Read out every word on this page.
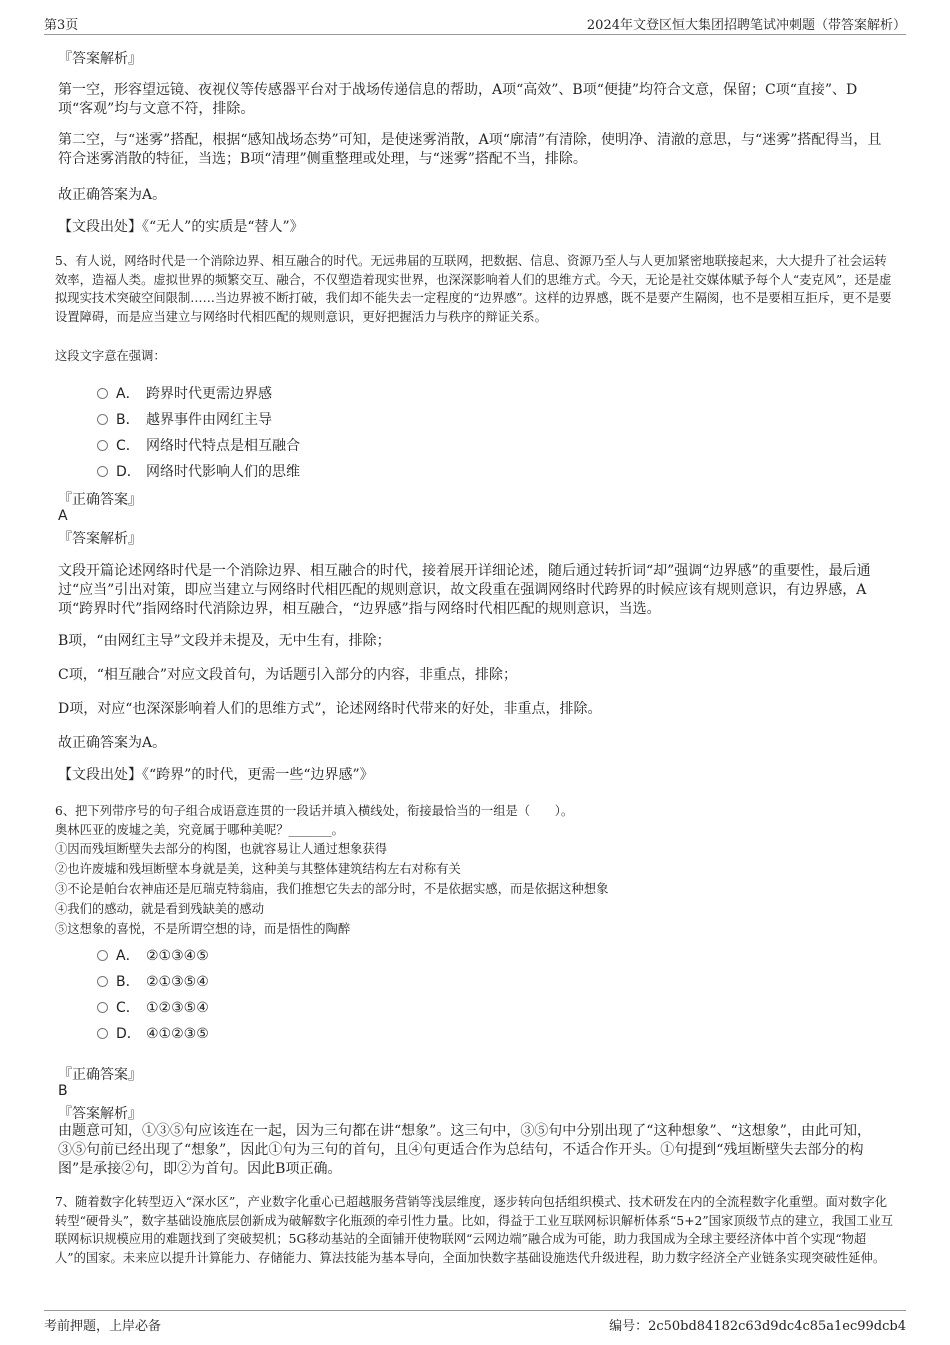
第3页	2024年文登区恒大集团招聘笔试冲刺题（带答案解析）
『答案解析』
第一空，形容望远镜、夜视仪等传感器平台对于战场传递信息的帮助，A项“高效”、B项“便捷”均符合文意，保留；C项“直接”、D项“客观”均与文意不符，排除。
第二空，与“迷雾”搭配，根据“感知战场态势”可知，是使迷雾消散，A项“廓清”有清除，使明净、清澈的意思，与“迷雾”搭配得当，且符合迷雾消散的特征，当选；B项“清理”侧重整理或处理，与“迷雾”搭配不当，排除。
故正确答案为A。
【文段出处】《“无人”的实质是“替人”》
5、有人说，网络时代是一个消除边界、相互融合的时代。无远弗届的互联网，把数据、信息、资源乃至人与人更加紧密地联接起来，大大提升了社会运转效率，造福人类。虚拟世界的频繁交互、融合，不仅塑造着现实世界，也深深影响着人们的思维方式。今天，无论是社交媒体赋予每个人“麦克风”，还是虚拟现实技术突破空间限制……当边界被不断打破，我们却不能失去一定程度的“边界感”。这样的边界感，既不是要产生隔阂，也不是要相互拒斥，更不是要设置障碍，而是应当建立与网络时代相匹配的规则意识，更好把握活力与秩序的辩证关系。
这段文字意在强调：
A． 跨界时代更需边界感
B． 越界事件由网红主导
C． 网络时代特点是相互融合
D． 网络时代影响人们的思维
『正确答案』
A
『答案解析』
文段开篇论述网络时代是一个消除边界、相互融合的时代，接着展开详细论述，随后通过转折词“却”强调“边界感”的重要性，最后通过“应当”引出对策，即应当建立与网络时代相匹配的规则意识，故文段重在强调网络时代跨界的时候应该有规则意识，有边界感，A项“跨界时代”指网络时代消除边界，相互融合，“边界感”指与网络时代相匹配的规则意识，当选。
B项，“由网红主导”文段并未提及，无中生有，排除；
C项，“相互融合”对应文段首句，为话题引入部分的内容，非重点，排除；
D项，对应“也深深影响着人们的思维方式”，论述网络时代带来的好处，非重点，排除。
故正确答案为A。
【文段出处】《“跨界”的时代，更需一些“边界感”》
6、把下列带序号的句子组合成语意连贯的一段话并填入横线处，衔接最恰当的一组是（　　）。
奥林匹亚的废墟之美，究竟属于哪种美呢？_______。
①因而残垣断壁失去部分的构图，也就容易让人通过想象获得
②也许废墟和残垣断壁本身就是美，这种美与其整体建筑结构左右对称有关
③不论是帕台农神庙还是厄瑞克特翁庙，我们推想它失去的部分时，不是依据实感，而是依据这种想象
④我们的感动，就是看到残缺美的感动
⑤这想象的喜悦，不是所谓空想的诗，而是悟性的陶醉
A． ②①③④⑤
B． ②①③⑤④
C． ①②③⑤④
D． ④①②③⑤
『正确答案』
B
『答案解析』
由题意可知，①③⑤句应该连在一起，因为三句都在讲“想象”。这三句中，③⑤句中分别出现了“这种想象”、“这想象”，由此可知，③⑤句前已经出现了“想象”，因此①句为三句的首句，且④句更适合作为总结句，不适合作开头。①句提到“残垣断壁失去部分的构图”是承接②句，即②为首句。因此B项正确。
7、随着数字化转型迈入“深水区”，产业数字化重心已超越服务营销等浅层维度，逐步转向包括组织模式、技术研发在内的全流程数字化重塑。面对数字化转型“硬骨头”，数字基础设施底层创新成为破解数字化瓶颈的牵引性力量。比如，得益于工业互联网标识解析体系“5+2”国家顶级节点的建立，我国工业互联网标识规模应用的难题找到了突破契机；5G移动基站的全面铺开使物联网“云网边端”融合成为可能，助力我国成为全球主要经济体中首个实现“物超人”的国家。未来应以提升计算能力、存储能力、算法技能为基本导向，全面加快数字基础设施迭代升级进程，助力数字经济全产业链条实现突破性延伸。
考前押题，上岸必备	编号：2c50bd84182c63d9dc4c85a1ec99dcb4
